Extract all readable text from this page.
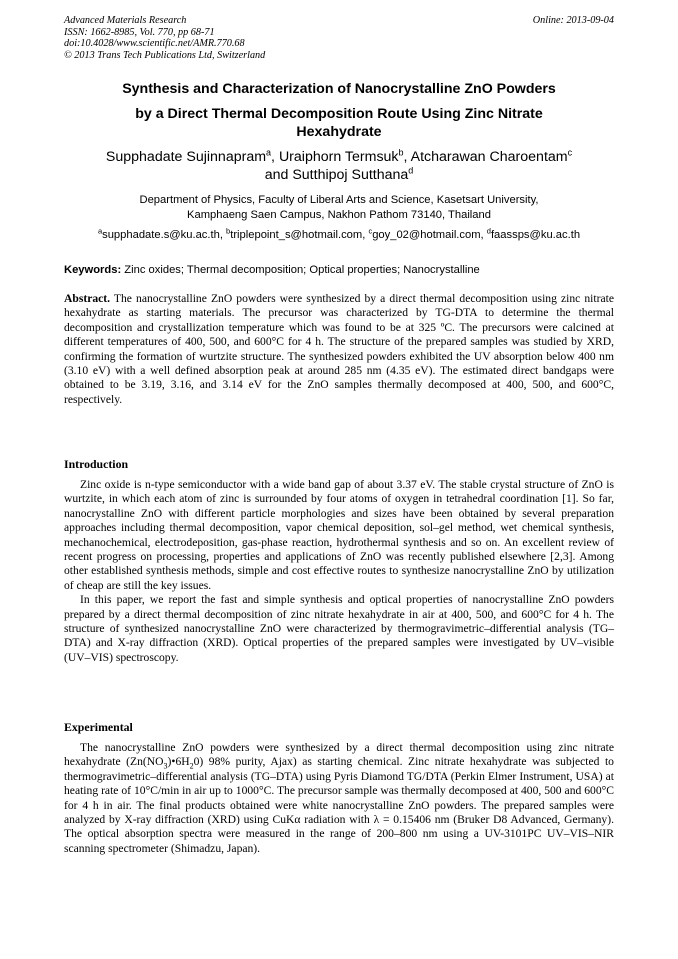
Advanced Materials Research
ISSN: 1662-8985, Vol. 770, pp 68-71
doi:10.4028/www.scientific.net/AMR.770.68
© 2013 Trans Tech Publications Ltd, Switzerland
Online: 2013-09-04
Synthesis and Characterization of Nanocrystalline ZnO Powders
by a Direct Thermal Decomposition Route Using Zinc Nitrate
Hexahydrate
Supphadate Sujinnapram$^a$, Uraiphorn Termsuk$^b$, Atcharawan Charoentam$^c$
and Sutthipoj Sutthana$^d$
Department of Physics, Faculty of Liberal Arts and Science, Kasetsart University,
Kamphaeng Saen Campus, Nakhon Pathom 73140, Thailand
$^a$supphadate.s@ku.ac.th, $^b$triplepoint_s@hotmail.com, $^c$goy_02@hotmail.com, $^d$faassps@ku.ac.th
Keywords: Zinc oxides; Thermal decomposition; Optical properties; Nanocrystalline

Abstract. The nanocrystalline ZnO powders were synthesized by a direct thermal decomposition using zinc nitrate hexahydrate as starting materials. The precursor was characterized by TG-DTA to determine the thermal decomposition and crystallization temperature which was found to be at 325 ºC. The precursors were calcined at different temperatures of 400, 500, and 600°C for 4 h. The structure of the prepared samples was studied by XRD, confirming the formation of wurtzite structure. The synthesized powders exhibited the UV absorption below 400 nm (3.10 eV) with a well defined absorption peak at around 285 nm (4.35 eV). The estimated direct bandgaps were obtained to be 3.19, 3.16, and 3.14 eV for the ZnO samples thermally decomposed at 400, 500, and 600°C, respectively.

Introduction

Zinc oxide is n-type semiconductor with a wide band gap of about 3.37 eV. The stable crystal structure of ZnO is wurtzite, in which each atom of zinc is surrounded by four atoms of oxygen in tetrahedral coordination [1]. So far, nanocrystalline ZnO with different particle morphologies and sizes have been obtained by several preparation approaches including thermal decomposition, vapor chemical deposition, sol–gel method, wet chemical synthesis, mechanochemical, electrodeposition, gas-phase reaction, hydrothermal synthesis and so on. An excellent review of recent progress on processing, properties and applications of ZnO was recently published elsewhere [2,3]. Among other established synthesis methods, simple and cost effective routes to synthesize nanocrystalline ZnO by utilization of cheap are still the key issues.

In this paper, we report the fast and simple synthesis and optical properties of nanocrystalline ZnO powders prepared by a direct thermal decomposition of zinc nitrate hexahydrate in air at 400, 500, and 600°C for 4 h. The structure of synthesized nanocrystalline ZnO were characterized by thermogravimetric–differential analysis (TG–DTA) and X-ray diffraction (XRD). Optical properties of the prepared samples were investigated by UV–visible (UV–VIS) spectroscopy.

Experimental

The nanocrystalline ZnO powders were synthesized by a direct thermal decomposition using zinc nitrate hexahydrate $(Zn(NO_3)•6H_20)$ 98% purity, Ajax) as starting chemical. Zinc nitrate hexahydrate was subjected to thermogravimetric–differential analysis (TG–DTA) using Pyris Diamond TG/DTA (Perkin Elmer Instrument, USA) at heating rate of 10°C/min in air up to 1000°C. The precursor sample was thermally decomposed at 400, 500 and 600°C for 4 h in air. The final products obtained were white nanocrystalline ZnO powders. The prepared samples were analyzed by X-ray diffraction (XRD) using CuKα radiation with λ = 0.15406 nm (Bruker D8 Advanced, Germany). The optical absorption spectra were measured in the range of 200–800 nm using a UV-3101PC UV–VIS–NIR scanning spectrometer (Shimadzu, Japan).
